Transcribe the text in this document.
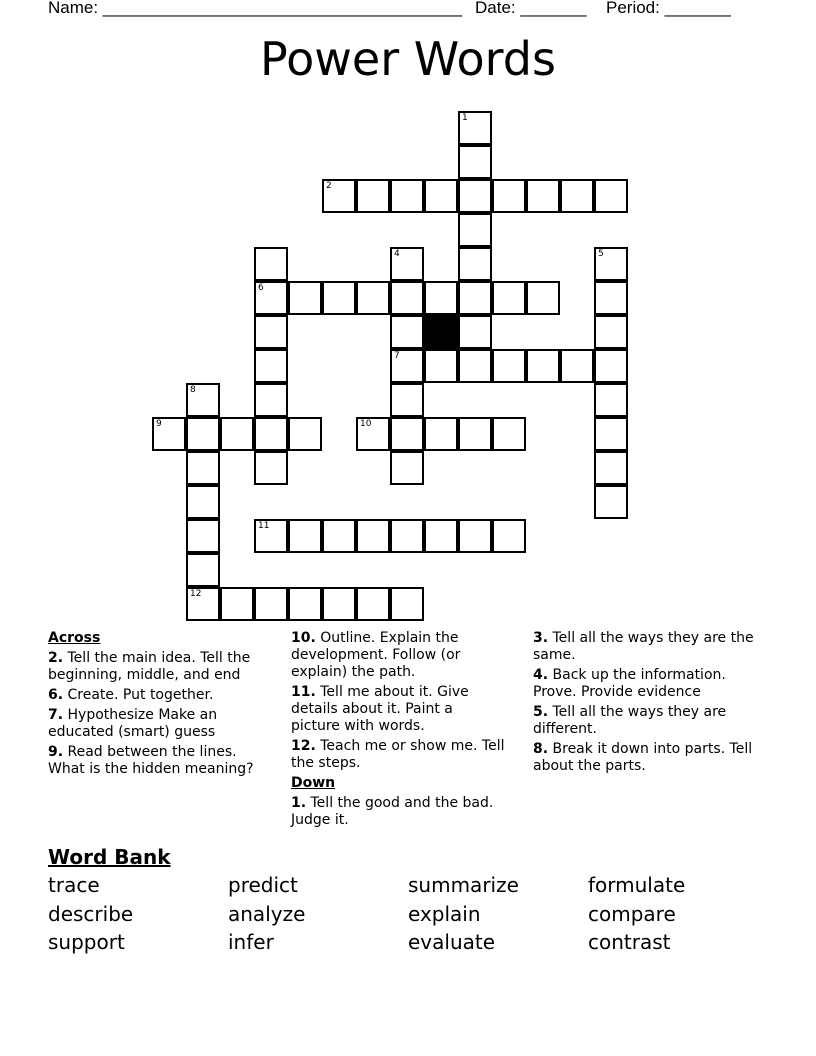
Name: ______________________________________ Date: _______ Period: _______
Power Words
2
1
6
4
7
5
8
12
9	10
11
Across
2. Tell the main idea. Tell the beginning, middle, and end
6. Create. Put together.
7. Hypothesize Make an educated (smart) guess
9. Read between the lines. What is the hidden meaning?
10. Outline. Explain the development. Follow (or explain) the path.
11. Tell me about it. Give details about it. Paint a picture with words.
12. Teach me or show me. Tell the steps.
Down
1. Tell the good and the bad. Judge it.
3. Tell all the ways they are the same.
4. Back up the information. Prove. Provide evidence
5. Tell all the ways they are different.
8. Break it down into parts. Tell about the parts.
Word Bank
trace	predict	summarize	formulate
describe	analyze	explain	compare
support	infer	evaluate	contrast
